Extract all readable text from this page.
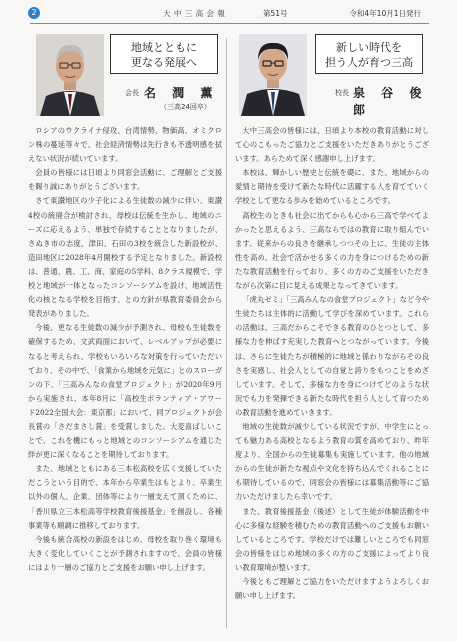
2	大 中 三 高 会 報	第51号	令和4年10月1日発行
地域とともに
更なる発展へ
会長 名 潤 薫
（三高24回卒）

ロシアのウクライナ侵攻、台湾情勢、物価高、オミクロン株の蔓延等々で、社会経済情勢は先行きも不透明感を拭えない状況が続いています。

会員の皆様には日頃より同窓会活動に、ご理解とご支援を賜り誠にありがとうございます。

さて東讃地区の少子化による生徒数の減少に伴い、東讃4校の統廃合が検討され、母校は伝統を生かし、地域のニーズに応えるよう、単独で存続することとなりましたが、さぬき市の志度、津田、石田の3校を統合した新設校が、造田地区に2028年4月開校する予定となりました。新設校は、普通、農、工、商、家庭の5学科、8クラス規模で、学校と地域が一体となったコンソーシアムを設け、地域活性化の核となる学校を目指す、との方針が県教育委員会から発表がありました。

今後、更なる生徒数の減少が予測され、母校も生徒数を確保するため、文武両面において、レベルアップが必要になると考えられ、学校もいろいろな対策を行っていただいており、その中で、「食業から地域を元気に」とのスローガンの下、「三高みんなの食堂プロジェクト」が2020年9月から実施され、本年8月に「高校生ボランティア・アワード2022全国大会：東京都」において、同プロジェクトが会長賞の「さだまさし賞」を受賞しました。大変喜ばしいことで、これを機にもっと地域とのコンソーシアムを通じた絆が更に深くなることを期待しております。

また、地域とともにある三本松高校を広く支援していただこうという目的で、本年から卒業生はもとより、卒業生以外の個人、企業、団体等により一層支えて頂くために、「香川県立三本松高等学校教育後援基金」を創設し、各種事業等も順調に推移しております。

今後も統合高校の新設をはじめ、母校を取り巻く環境も大きく変化していくことが予測されますので、会員の皆様にはより一層のご協力とご支援をお願い申し上げます。

新しい時代を
担う人が育つ三高
校長 泉 谷 俊 郎

大中三高会の皆様には、日頃より本校の教育活動に対して心のこもったご協力とご支援をいただきありがとうございます。あらためて深く感謝申し上げます。

本校は、輝かしい歴史と伝統を礎に、また、地域からの愛情と期待を受けて新たな時代に活躍する人を育てていく学校として更なる歩みを始めているところです。

高校生のときも社会に出てからも心から三高で学べてよかったと思えるよう、三高ならではの教育に取り組んでいます。従来からの良さを継承しつつその上に、生徒の主体性を高め、社会で活かせる多くの力を身につけるための新たな教育活動を行っており、多くの方のご支援をいただきながら次第に目に見える成果となってきています。

「虎丸ゼミ」「三高みんなの食堂プロジェクト」など今や生徒たちは主体的に活動して学びを深めています。これらの活動は、三高だからこそできる教育のひとつとして、多様な力を伸ばす充実した教育へとつながっています。今後は、さらに生徒たちが積極的に地域と係わりながらその良さを実感し、社会人としての自覚と誇りをもつことをめざしています。そして、多様な力を身につけてどのような状況でも力を発揮できる新たな時代を担う人として育つための教育活動を進めていきます。

地域の生徒数が減少している状況ですが、中学生にとっても魅力ある高校となるよう教育の質を高めており、昨年度より、全国からの生徒募集も実施しています。他の地域からの生徒が新たな視点や文化を持ち込んでくれることにも期待しているので、同窓会の皆様には募集活動等にご協力いただけましたら幸いです。

また、教育後援基金（後述）として生徒が体験活動を中心に多様な経験を積むための教育活動へのご支援もお願いしているところです。学校だけでは難しいところでも同窓会の皆様をはじめ地域の多くの方のご支援によってより良い教育環境が整います。

今後ともご理解とご協力をいただけますようよろしくお願い申し上げます。
